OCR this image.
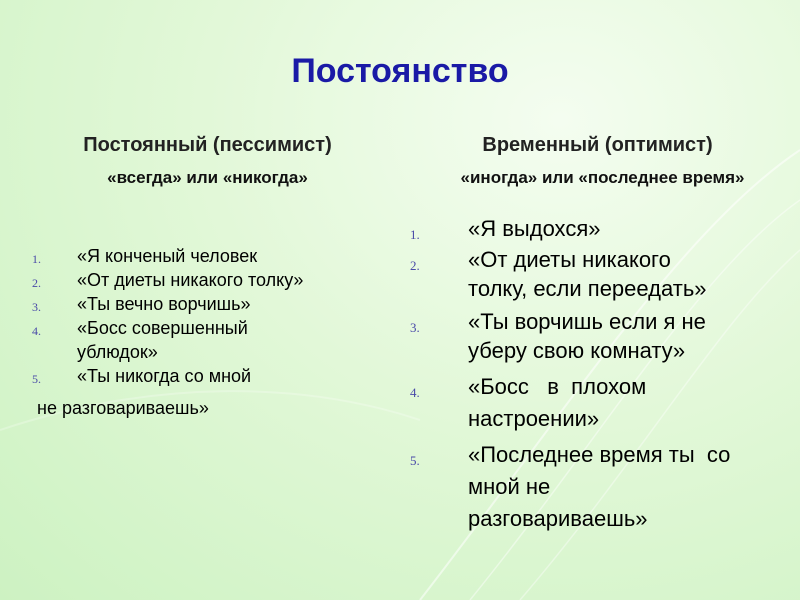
Постоянство
Постоянный (пессимист)
«всегда» или «никогда»
Временный (оптимист)
«иногда» или «последнее время»
1. «Я конченый человек
2. «От диеты никакого толку»
3. «Ты вечно ворчишь»
4. «Босс совершенный
ублюдок»
5. «Ты никогда со мной
не разговариваешь»
1. «Я выдохся»
2. «От диеты никакого
толку, если переедать»
3. «Ты ворчишь если я не
уберу свою комнату»
4. «Босс   в  плохом
настроении»
5. «Последнее время ты  со
мной не
разговариваешь»
